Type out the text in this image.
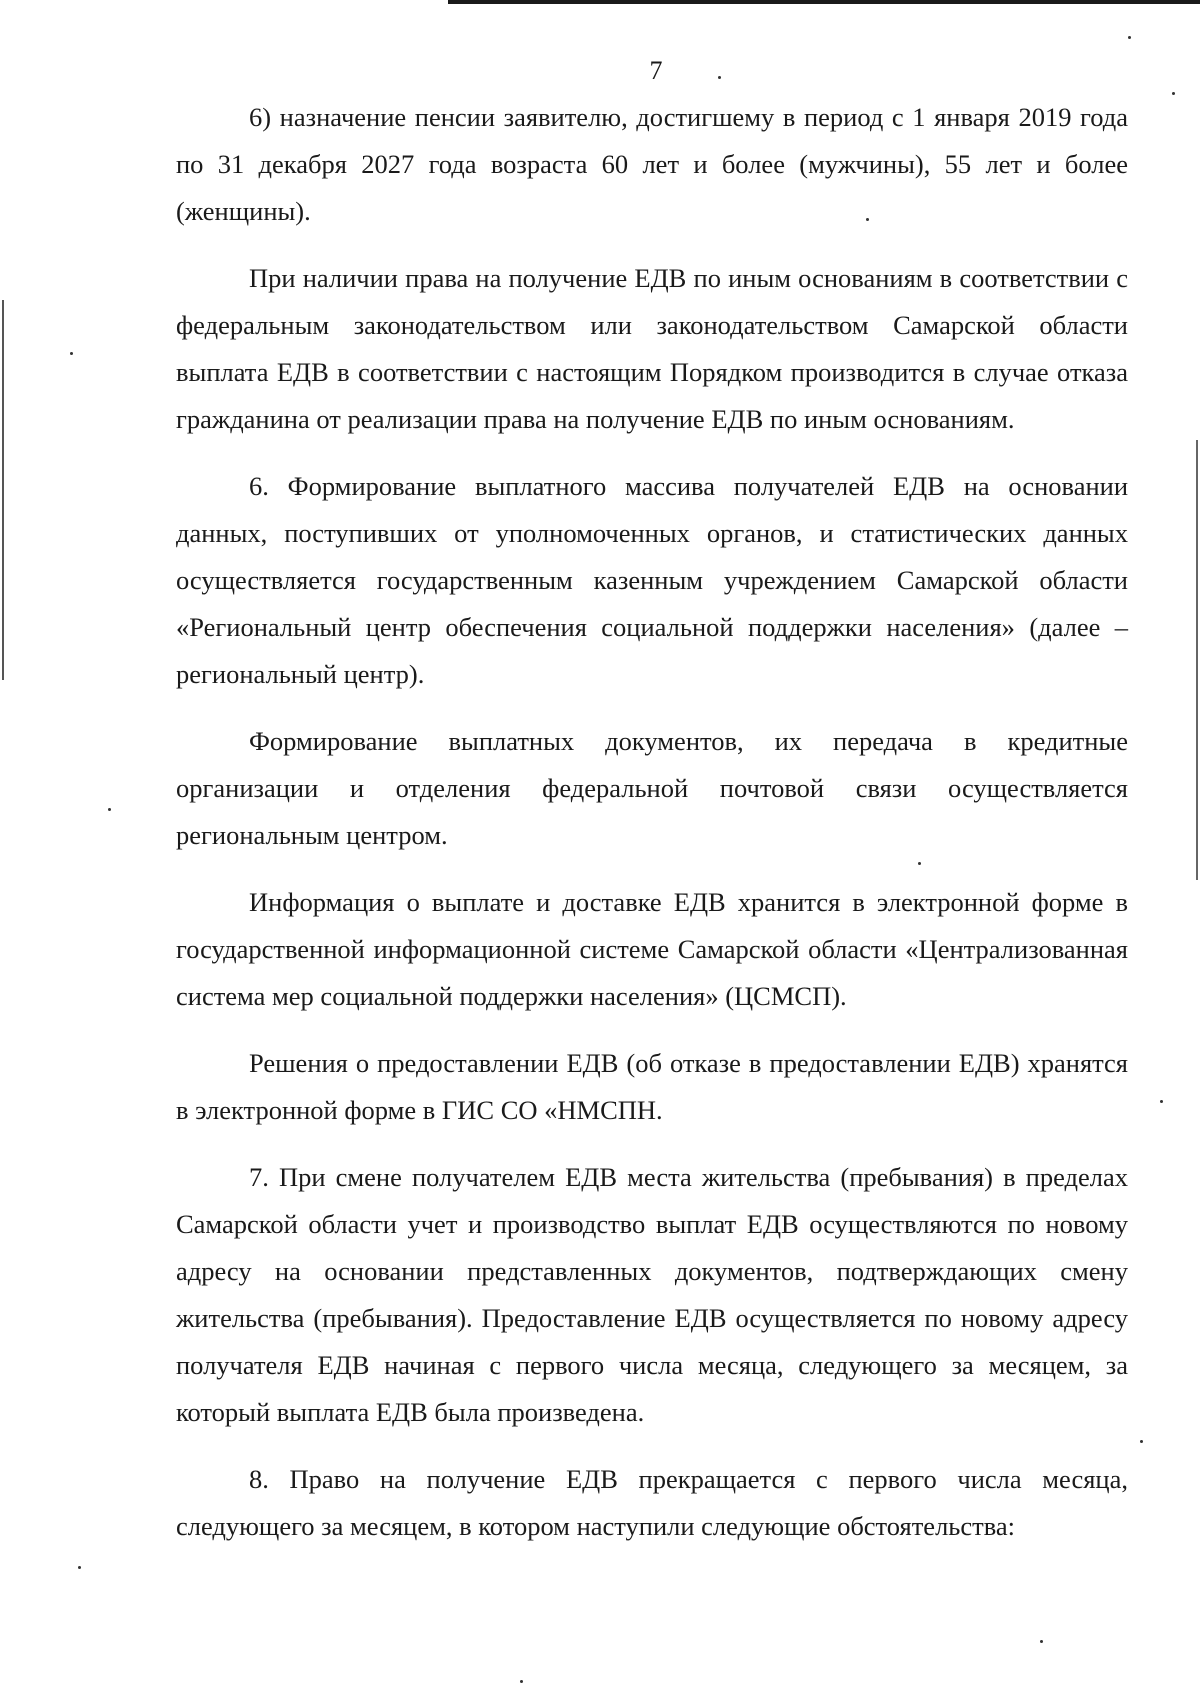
7

6) назначение пенсии заявителю, достигшему в период с 1 января 2019 года по 31 декабря 2027 года возраста 60 лет и более (мужчины), 55 лет и более (женщины).

При наличии права на получение ЕДВ по иным основаниям в соответствии с федеральным законодательством или законодательством Самарской области выплата ЕДВ в соответствии с настоящим Порядком производится в случае отказа гражданина от реализации права на получение ЕДВ по иным основаниям.

6. Формирование выплатного массива получателей ЕДВ на основании данных, поступивших от уполномоченных органов, и статистических данных осуществляется государственным казенным учреждением Самарской области «Региональный центр обеспечения социальной поддержки населения» (далее – региональный центр).

Формирование выплатных документов, их передача в кредитные организации и отделения федеральной почтовой связи осуществляется региональным центром.

Информация о выплате и доставке ЕДВ хранится в электронной форме в государственной информационной системе Самарской области «Централизованная система мер социальной поддержки населения» (ЦСМСП).

Решения о предоставлении ЕДВ (об отказе в предоставлении ЕДВ) хранятся в электронной форме в ГИС СО «НМСПН.

7. При смене получателем ЕДВ места жительства (пребывания) в пределах Самарской области учет и производство выплат ЕДВ осуществляются по новому адресу на основании представленных документов, подтверждающих смену жительства (пребывания). Предоставление ЕДВ осуществляется по новому адресу получателя ЕДВ начиная с первого числа месяца, следующего за месяцем, за который выплата ЕДВ была произведена.

8. Право на получение ЕДВ прекращается с первого числа месяца, следующего за месяцем, в котором наступили следующие обстоятельства:
